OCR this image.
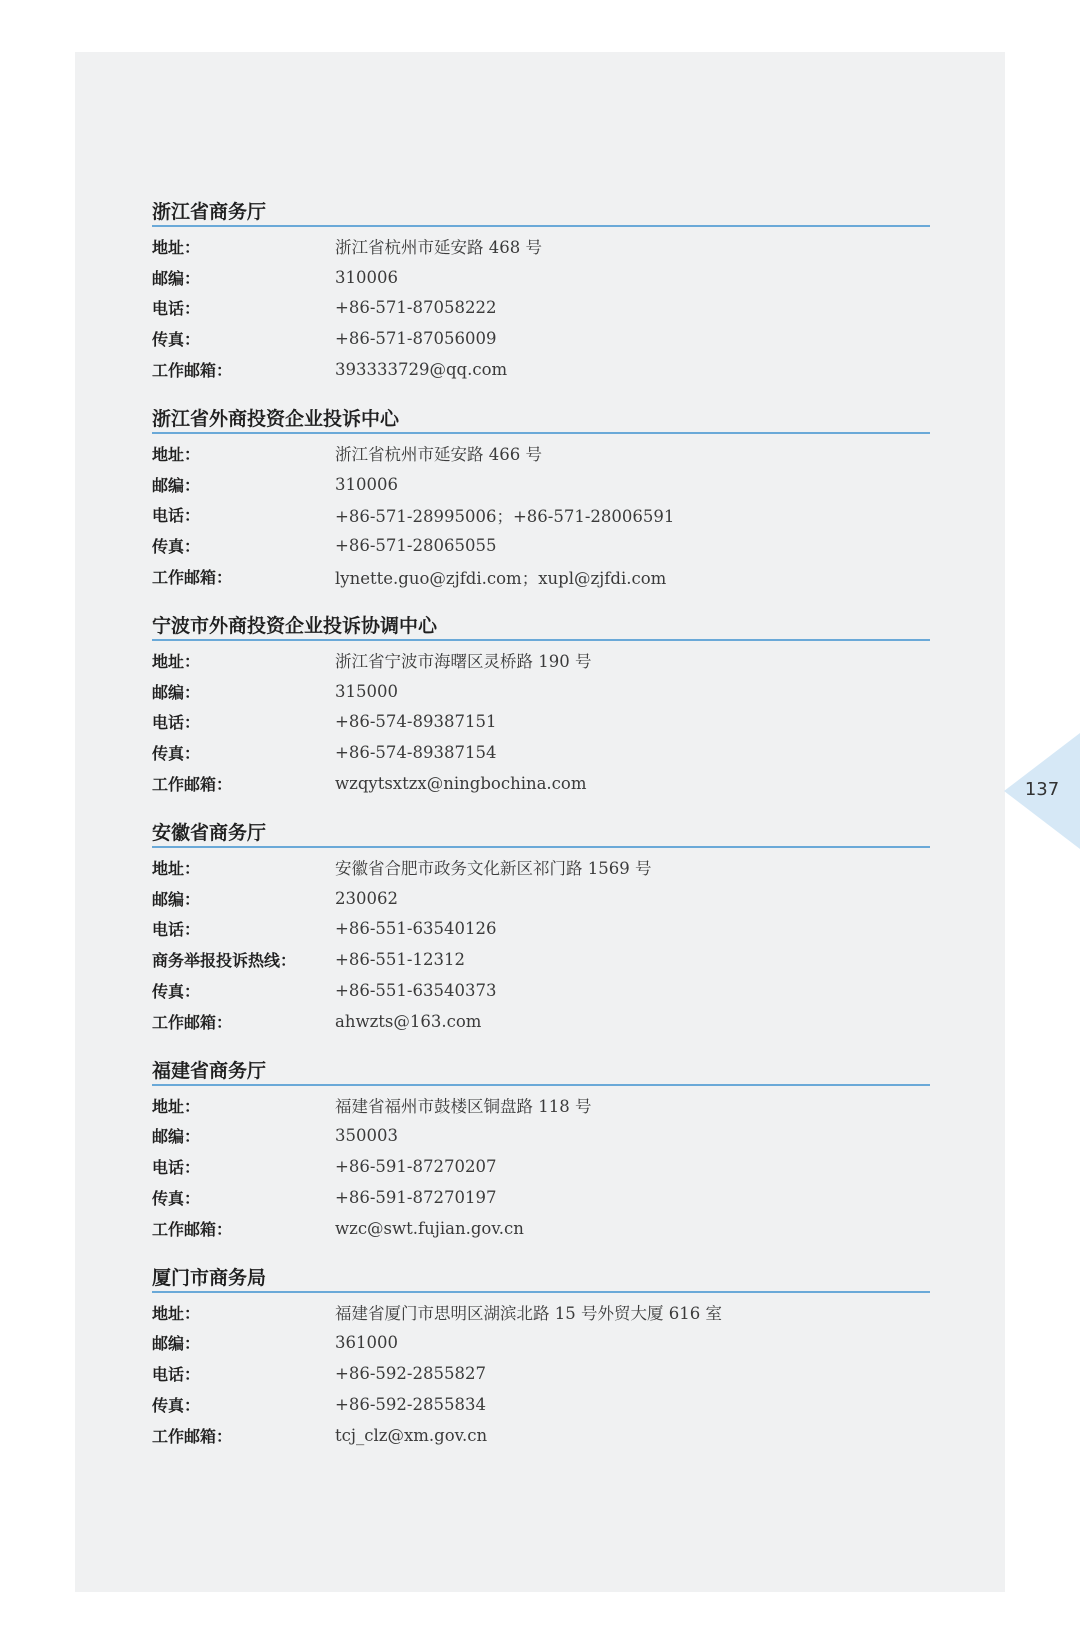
浙江省商务厅
地址：	浙江省杭州市延安路 468 号
邮编：	310006
电话：	+86-571-87058222
传真：	+86-571-87056009
工作邮箱：	393333729@qq.com
浙江省外商投资企业投诉中心
地址：	浙江省杭州市延安路 466 号
邮编：	310006
电话：	+86-571-28995006；+86-571-28006591
传真：	+86-571-28065055
工作邮箱：	lynette.guo@zjfdi.com；xupl@zjfdi.com
宁波市外商投资企业投诉协调中心
地址：	浙江省宁波市海曙区灵桥路 190 号
邮编：	315000
电话：	+86-574-89387151
传真：	+86-574-89387154
工作邮箱：	wzqytsxtzx@ningbochina.com
安徽省商务厅
地址：	安徽省合肥市政务文化新区祁门路 1569 号
邮编：	230062
电话：	+86-551-63540126
商务举报投诉热线：	+86-551-12312
传真：	+86-551-63540373
工作邮箱：	ahwzts@163.com
福建省商务厅
地址：	福建省福州市鼓楼区铜盘路 118 号
邮编：	350003
电话：	+86-591-87270207
传真：	+86-591-87270197
工作邮箱：	wzc@swt.fujian.gov.cn
厦门市商务局
地址：	福建省厦门市思明区湖滨北路 15 号外贸大厦 616 室
邮编：	361000
电话：	+86-592-2855827
传真：	+86-592-2855834
工作邮箱：	tcj_clz@xm.gov.cn
137
